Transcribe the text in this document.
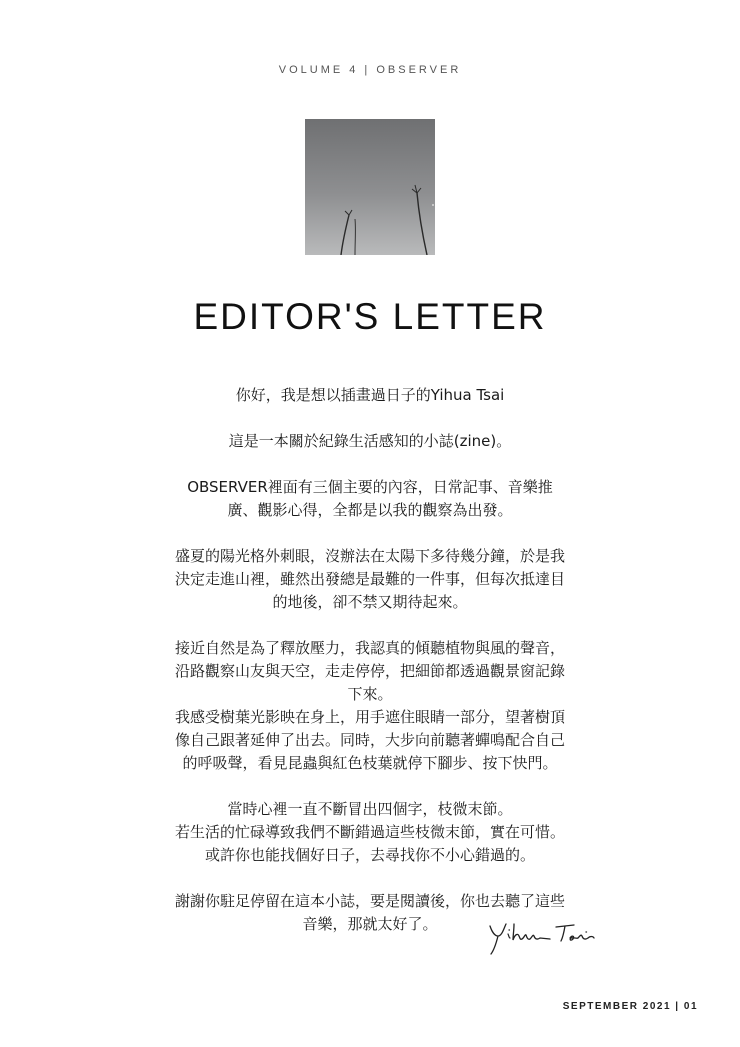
VOLUME 4 | OBSERVER
EDITOR'S LETTER

你好，我是想以插畫過日子的Yihua Tsai

這是一本關於紀錄生活感知的小誌(zine)。

OBSERVER裡面有三個主要的內容，日常記事、音樂推
廣、觀影心得，全都是以我的觀察為出發。

盛夏的陽光格外刺眼，沒辦法在太陽下多待幾分鐘，於是我
決定走進山裡，雖然出發總是最難的一件事，但每次抵達目
的地後，卻不禁又期待起來。

接近自然是為了釋放壓力，我認真的傾聽植物與風的聲音，
沿路觀察山友與天空，走走停停，把細節都透過觀景窗記錄
下來。

我感受樹葉光影映在身上，用手遮住眼睛一部分，望著樹頂
像自己跟著延伸了出去。同時，大步向前聽著蟬鳴配合自己
的呼吸聲，看見昆蟲與紅色枝葉就停下腳步、按下快門。

當時心裡一直不斷冒出四個字，枝微末節。
若生活的忙碌導致我們不斷錯過這些枝微末節，實在可惜。
或許你也能找個好日子，去尋找你不小心錯過的。

謝謝你駐足停留在這本小誌，要是閱讀後，你也去聽了這些
音樂，那就太好了。

SEPTEMBER 2021 | 01
